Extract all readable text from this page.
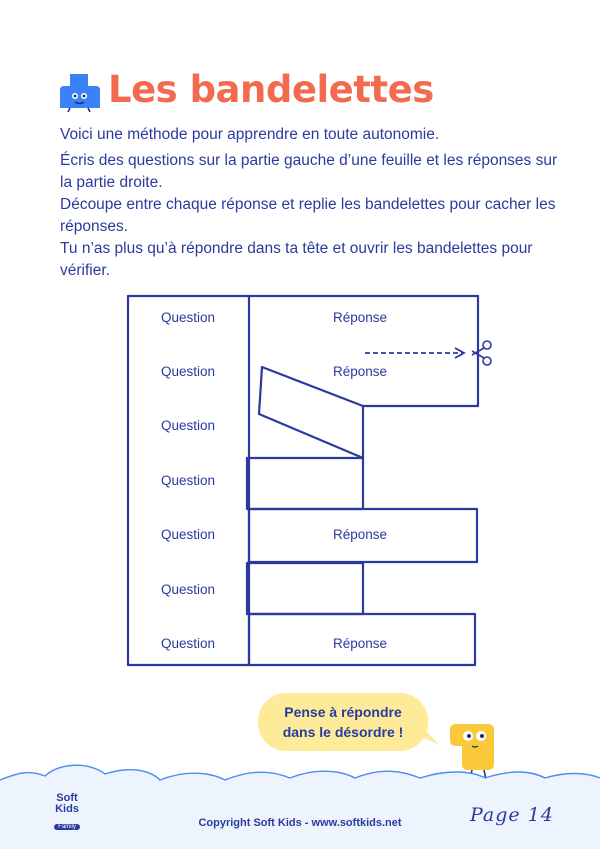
Les bandelettes

Voici une méthode pour apprendre en toute autonomie.

Écris des questions sur la partie gauche d’une feuille et les réponses sur la partie droite.

Découpe entre chaque réponse et replie les bandelettes pour cacher les réponses.

Tu n’as plus qu’à répondre dans ta tête et ouvrir les bandelettes pour vérifier.

Question
Question
Question
Question
Question
Question
Question
Réponse
Réponse
Réponse
Réponse
Pense à répondre
dans le désordre !
Soft
Kids
Family	Copyright Soft Kids - www.softkids.net	Page 14
